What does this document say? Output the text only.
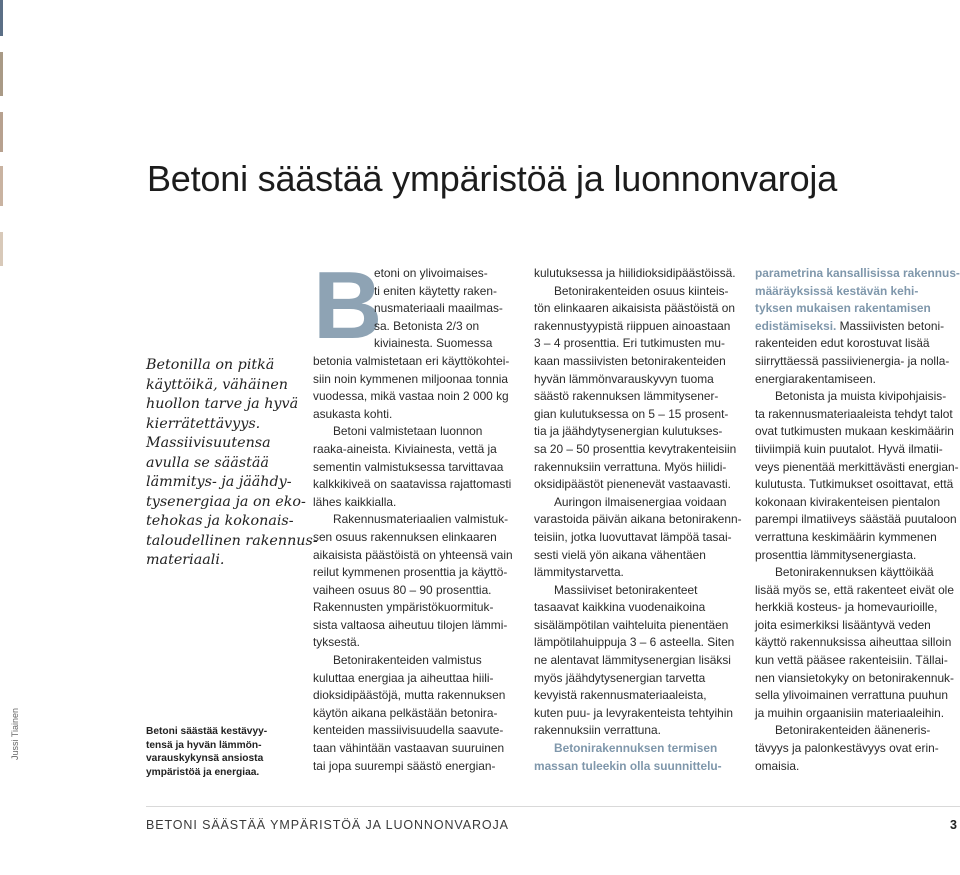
Betoni säästää ympäristöä ja luonnonvaroja
Betonilla on pitkä
käyttöikä, vähäinen
huollon tarve ja hyvä
kierrätettävyys.
Massiivisuutensa
avulla se säästää
lämmitys- ja jäähdy-
tysenergiaa ja on eko-
tehokas ja kokonais-
taloudellinen rakennus-
materiaali.
Betoni säästää kestävyy-
tensä ja hyvän lämmön-
varauskykynsä ansiosta
ympäristöä ja energiaa.
Jussi Tiainen
B
etoni on ylivoimaises-
ti eniten käytetty raken-
nusmateriaali maailmas-
sa. Betonista 2/3 on
kiviainesta. Suomessa
betonia valmistetaan eri käyttökohtei-
siin noin kymmenen miljoonaa tonnia
vuodessa, mikä vastaa noin 2 000 kg
asukasta kohti.
Betoni valmistetaan luonnon
raaka-aineista. Kiviainesta, vettä ja
sementin valmistuksessa tarvittavaa
kalkkikiveä on saatavissa rajattomasti
lähes kaikkialla.
Rakennusmateriaalien valmistuk-
sen osuus rakennuksen elinkaaren
aikaisista päästöistä on yhteensä vain
reilut kymmenen prosenttia ja käyttö-
vaiheen osuus 80 – 90 prosenttia.
Rakennusten ympäristökuormituk-
sista valtaosa aiheutuu tilojen lämmi-
tyksestä.
Betonirakenteiden valmistus
kuluttaa energiaa ja aiheuttaa hiili-
dioksidipäästöjä, mutta rakennuksen
käytön aikana pelkästään betonira-
kenteiden massiivisuudella saavute-
taan vähintään vastaavan suuruinen
tai jopa suurempi säästö energian-
kulutuksessa ja hiilidioksidipäästöissä.
Betonirakenteiden osuus kiinteis-
tön elinkaaren aikaisista päästöistä on
rakennustyypistä riippuen ainoastaan
3 – 4 prosenttia. Eri tutkimusten mu-
kaan massiivisten betonirakenteiden
hyvän lämmönvarauskyvyn tuoma
säästö rakennuksen lämmitysener-
gian kulutuksessa on 5 – 15 prosent-
tia ja jäähdytysenergian kulutukses-
sa 20 – 50 prosenttia kevytrakenteisiin
rakennuksiin verrattuna. Myös hiilidi-
oksidipäästöt pienenevät vastaavasti.
Auringon ilmaisenergiaa voidaan
varastoida päivän aikana betonirakenn-
teisiin, jotka luovuttavat lämpöä tasai-
sesti vielä yön aikana vähentäen
lämmitystarvetta.
Massiiviset betonirakenteet
tasaavat kaikkina vuodenaikoina
sisälämpötilan vaihteluita pienentäen
lämpötilahuippuja 3 – 6 asteella. Siten
ne alentavat lämmitysenergian lisäksi
myös jäähdytysenergian tarvetta
kevyistä rakennusmateriaaleista,
kuten puu- ja levyrakenteista tehtyihin
rakennuksiin verrattuna.
Betonirakennuksen termisen
massan tuleekin olla suunnittelu-
parametrina kansallisissa rakennus-
määräyksissä kestävän kehi-
tyksen mukaisen rakentamisen
edistämiseksi. Massiivisten betoni-
rakenteiden edut korostuvat lisää
siirryttäessä passiivienergia- ja nolla-
energiarakentamiseen.
Betonista ja muista kivipohjaisis-
ta rakennusmateriaaleista tehdyt talot
ovat tutkimusten mukaan keskimäärin
tiiviimpiä kuin puutalot. Hyvä ilmatii-
veys pienentää merkittävästi energian-
kulutusta. Tutkimukset osoittavat, että
kokonaan kivirakenteisen pientalon
parempi ilmatiiveys säästää puutaloon
verrattuna keskimäärin kymmenen
prosenttia lämmitysenergiasta.
Betonirakennuksen käyttöikää
lisää myös se, että rakenteet eivät ole
herkkiä kosteus- ja homevaurioille,
joita esimerkiksi lisääntyvä veden
käyttö rakennuksissa aiheuttaa silloin
kun vettä pääsee rakenteisiin. Tällai-
nen viansietokyky on betonirakennuk-
sella ylivoimainen verrattuna puuhun
ja muihin orgaanisiin materiaaleihin.
Betonirakenteiden ääneneris-
tävyys ja palonkestävyys ovat erin-
omaisia.
BETONI SÄÄSTÄÄ YMPÄRISTÖÄ JA LUONNONVAROJA	3
